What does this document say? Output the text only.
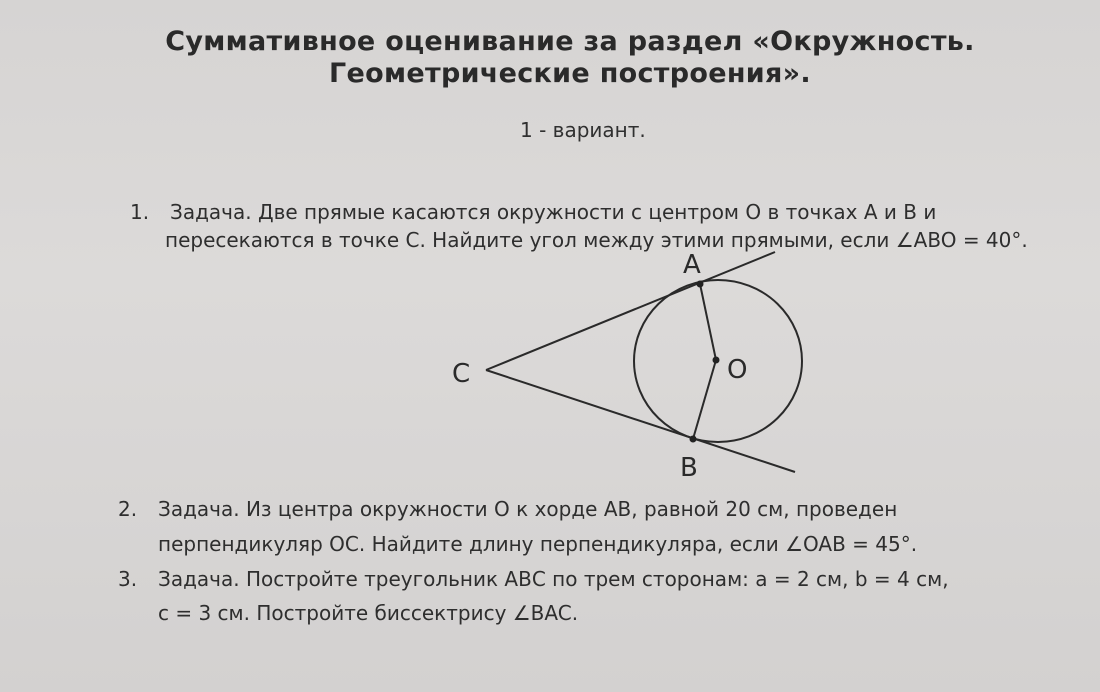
Суммативное оценивание за раздел «Окружность.
Геометрические построения».
1 - вариант.
1. Задача. Две прямые касаются окружности с центром О в точках А и В и
пересекаются в точке С. Найдите угол между этими прямыми, если ∠ABO = 40°.
A
B
C	O
2. Задача. Из центра окружности О к хорде АВ, равной 20 см, проведен
перпендикуляр ОС. Найдите длину перпендикуляра, если ∠OAB = 45°.
3. Задача. Постройте треугольник АВС по трем сторонам: a = 2 см, b = 4 см,
c = 3 см. Постройте биссектрису ∠BAC.
